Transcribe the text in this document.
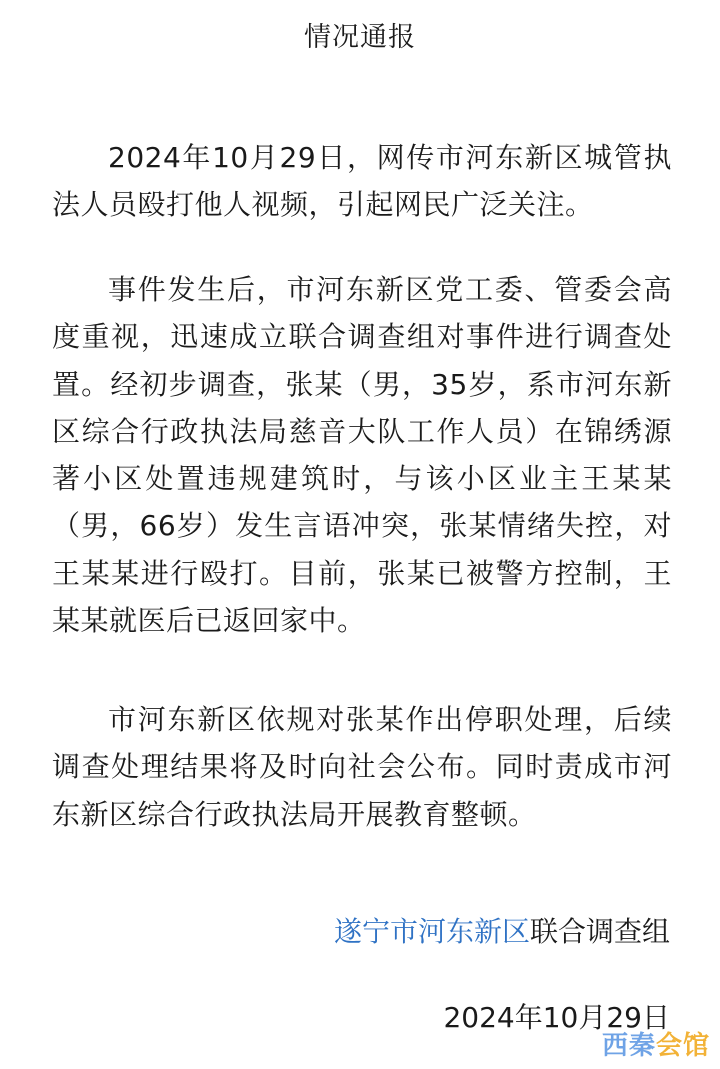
情况通报

2024年10月29日，网传市河东新区城管执法人员殴打他人视频，引起网民广泛关注。

事件发生后，市河东新区党工委、管委会高度重视，迅速成立联合调查组对事件进行调查处置。经初步调查，张某（男，35岁，系市河东新区综合行政执法局慈音大队工作人员）在锦绣源著小区处置违规建筑时，与该小区业主王某某（男，66岁）发生言语冲突，张某情绪失控，对王某某进行殴打。目前，张某已被警方控制，王某某就医后已返回家中。

市河东新区依规对张某作出停职处理，后续调查处理结果将及时向社会公布。同时责成市河东新区综合行政执法局开展教育整顿。

遂宁市河东新区联合调查组
2024年10月29日
西秦会馆
